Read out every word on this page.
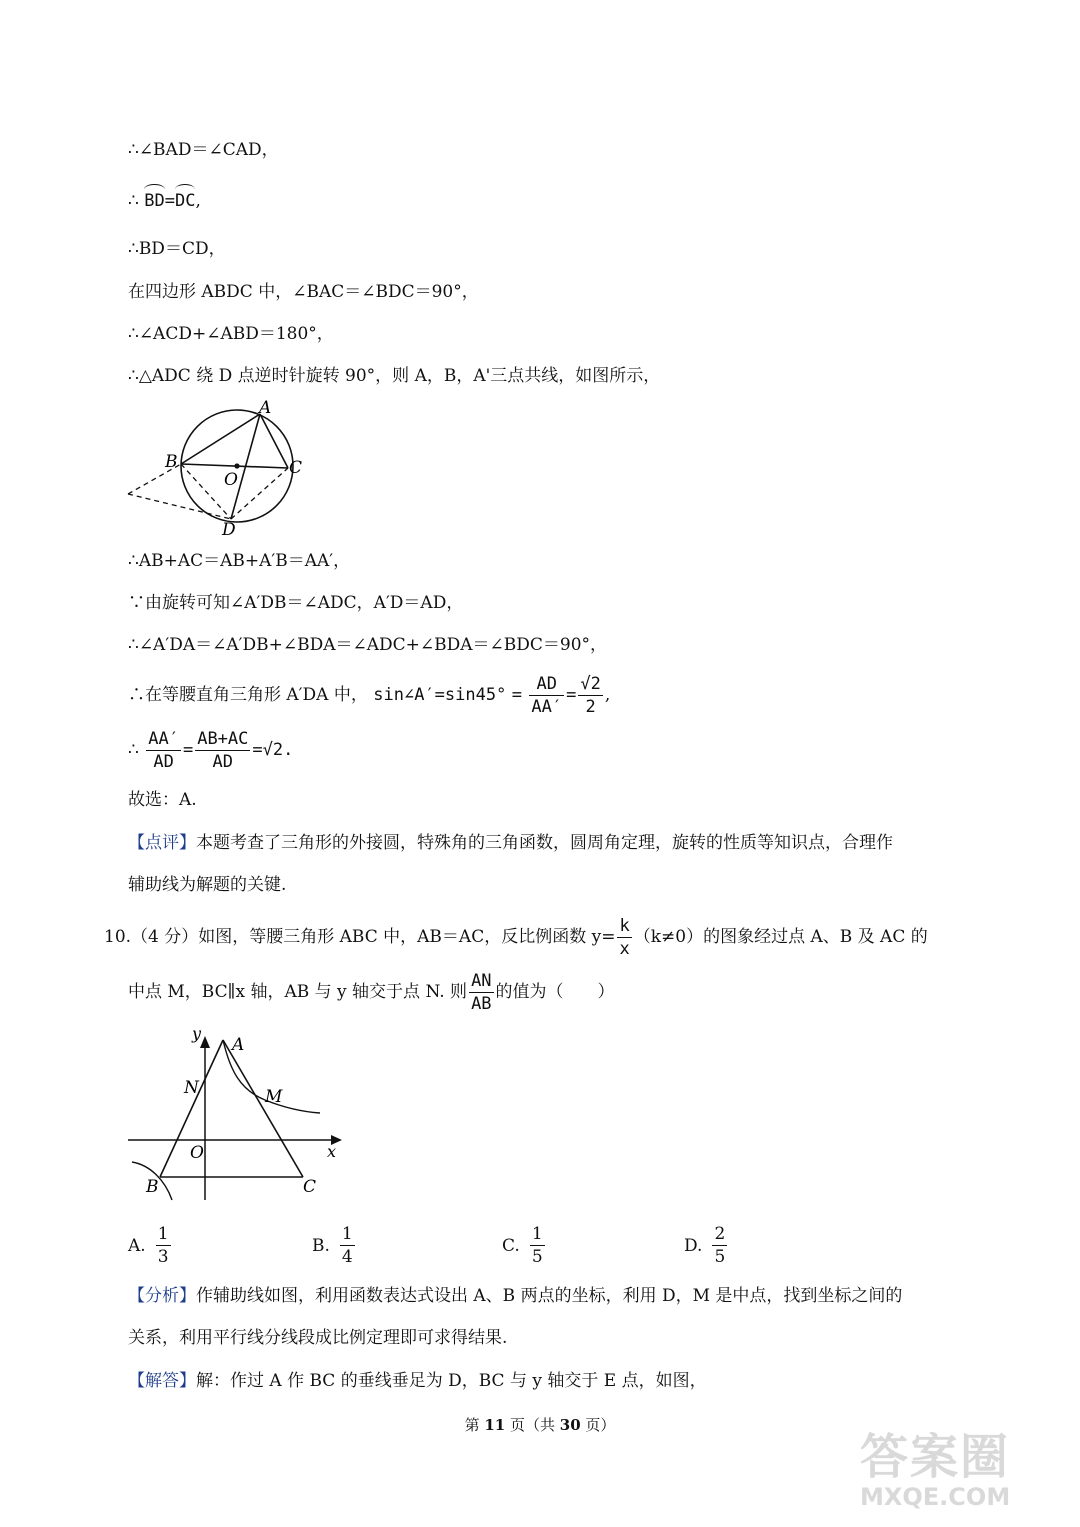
∴∠BAD＝∠CAD，
∴ BD=DC,
∴BD＝CD，
在四边形 ABDC 中，∠BAC＝∠BDC＝90°，
∴∠ACD+∠ABD＝180°，
∴△ADC 绕 D 点逆时针旋转 90°，则 A，B，A'三点共线，如图所示，
A
B	C
O
D
∴AB+AC＝AB+A′B＝AA′，
∵由旋转可知∠A′DB＝∠ADC，A′D＝AD，
∴∠A′DA＝∠A′DB+∠BDA＝∠ADC+∠BDA＝∠BDC＝90°，
∴在等腰直角三角形 A′DA 中， sin∠A′=sin45° = $\frac{AD}{AA'} = \frac{√2}{2}$ ,
∴ $\frac{AA'}{AD} = \frac{AB+AC}{AD} =√2$.
故选：A.
【点评】本题考查了三角形的外接圆，特殊角的三角函数，圆周角定理，旋转的性质等知识点，合理作
辅助线为解题的关键.
10.（4 分）如图，等腰三角形 ABC 中，AB＝AC，反比例函数 $y= \frac{k}{x} (k\ne 0)$的图象经过点 A、B 及 AC 的
中点 M，BC∥x 轴，AB 与 y 轴交于点 N. 则 $\frac{AN}{AB}$ 的值为（　　）
y
A
N	M
O	x
B	C
A. $\frac{1}{3}$	B. $\frac{1}{4}$	C. $\frac{1}{5}$	D. $\frac{2}{5}$
【分析】作辅助线如图，利用函数表达式设出 A、B 两点的坐标，利用 D，M 是中点，找到坐标之间的
关系，利用平行线分线段成比例定理即可求得结果.
【解答】解：作过 A 作 BC 的垂线垂足为 D，BC 与 y 轴交于 E 点，如图，
第 11 页（共 30 页）
答案圈
MXQE.COM
